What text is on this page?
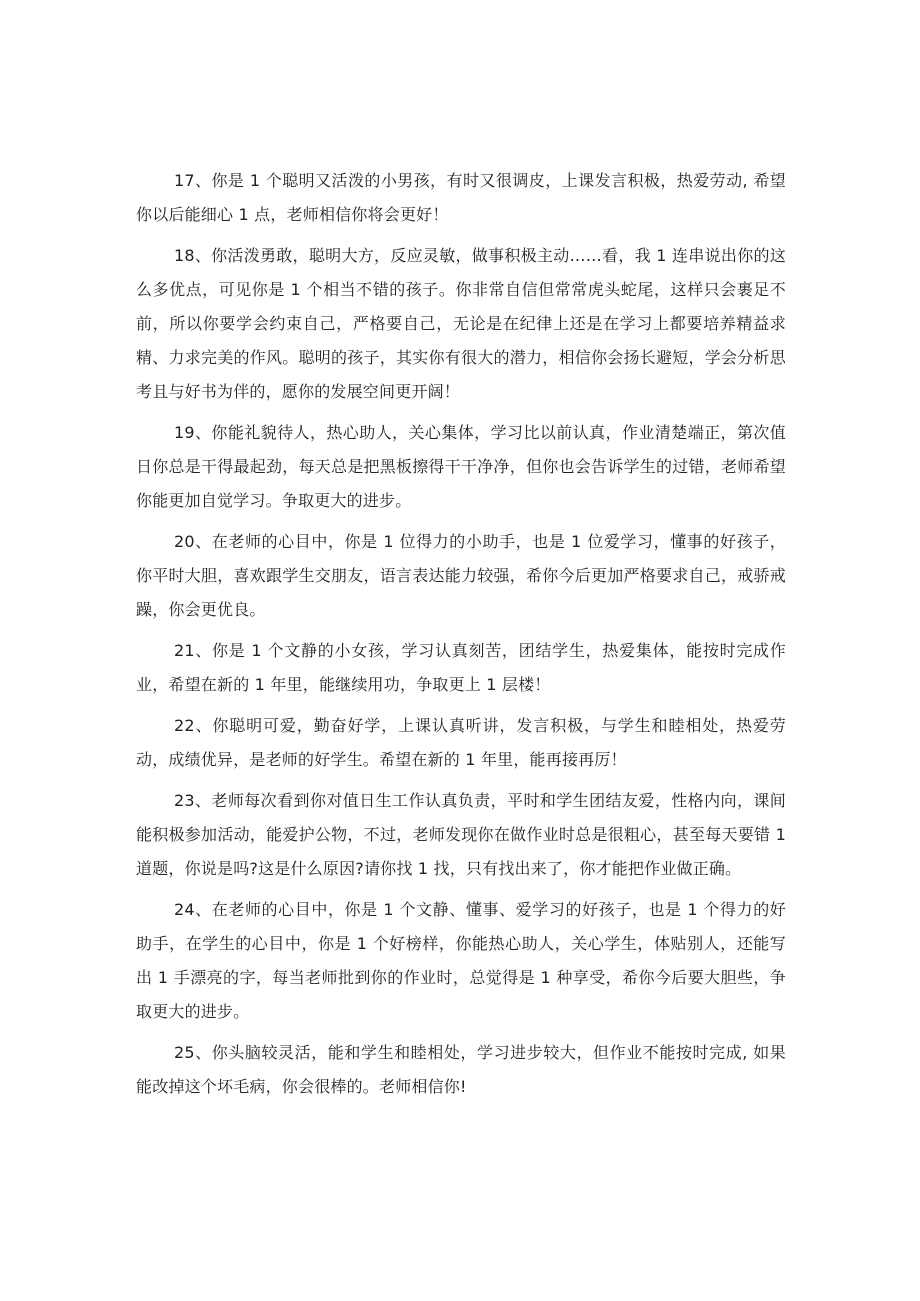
17、你是 1 个聪明又活泼的小男孩，有时又很调皮，上课发言积极，热爱劳动, 希望你以后能细心 1 点，老师相信你将会更好！

18、你活泼勇敢，聪明大方，反应灵敏，做事积极主动……看，我 1 连串说出你的这么多优点，可见你是 1 个相当不错的孩子。你非常自信但常常虎头蛇尾，这样只会裹足不前，所以你要学会约束自己，严格要自己，无论是在纪律上还是在学习上都要培养精益求精、力求完美的作风。聪明的孩子，其实你有很大的潜力，相信你会扬长避短，学会分析思考且与好书为伴的，愿你的发展空间更开阔！

19、你能礼貌待人，热心助人，关心集体，学习比以前认真，作业清楚端正，第次值日你总是干得最起劲，每天总是把黑板擦得干干净净，但你也会告诉学生的过错，老师希望你能更加自觉学习。争取更大的进步。

20、在老师的心目中，你是 1 位得力的小助手，也是 1 位爱学习，懂事的好孩子，你平时大胆，喜欢跟学生交朋友，语言表达能力较强，希你今后更加严格要求自己，戒骄戒躁，你会更优良。

21、你是 1 个文静的小女孩，学习认真刻苦，团结学生，热爱集体，能按时完成作业，希望在新的 1 年里，能继续用功，争取更上 1 层楼！

22、你聪明可爱，勤奋好学，上课认真听讲，发言积极，与学生和睦相处，热爱劳动，成绩优异，是老师的好学生。希望在新的 1 年里，能再接再厉！

23、老师每次看到你对值日生工作认真负责，平时和学生团结友爱，性格内向，课间能积极参加活动，能爱护公物，不过，老师发现你在做作业时总是很粗心，甚至每天要错 1 道题，你说是吗?这是什么原因?请你找 1 找，只有找出来了，你才能把作业做正确。

24、在老师的心目中，你是 1 个文静、懂事、爱学习的好孩子，也是 1 个得力的好助手，在学生的心目中，你是 1 个好榜样，你能热心助人，关心学生，体贴别人，还能写出 1 手漂亮的字，每当老师批到你的作业时，总觉得是 1 种享受，希你今后要大胆些，争取更大的进步。

25、你头脑较灵活，能和学生和睦相处，学习进步较大，但作业不能按时完成, 如果能改掉这个坏毛病，你会很棒的。老师相信你!
